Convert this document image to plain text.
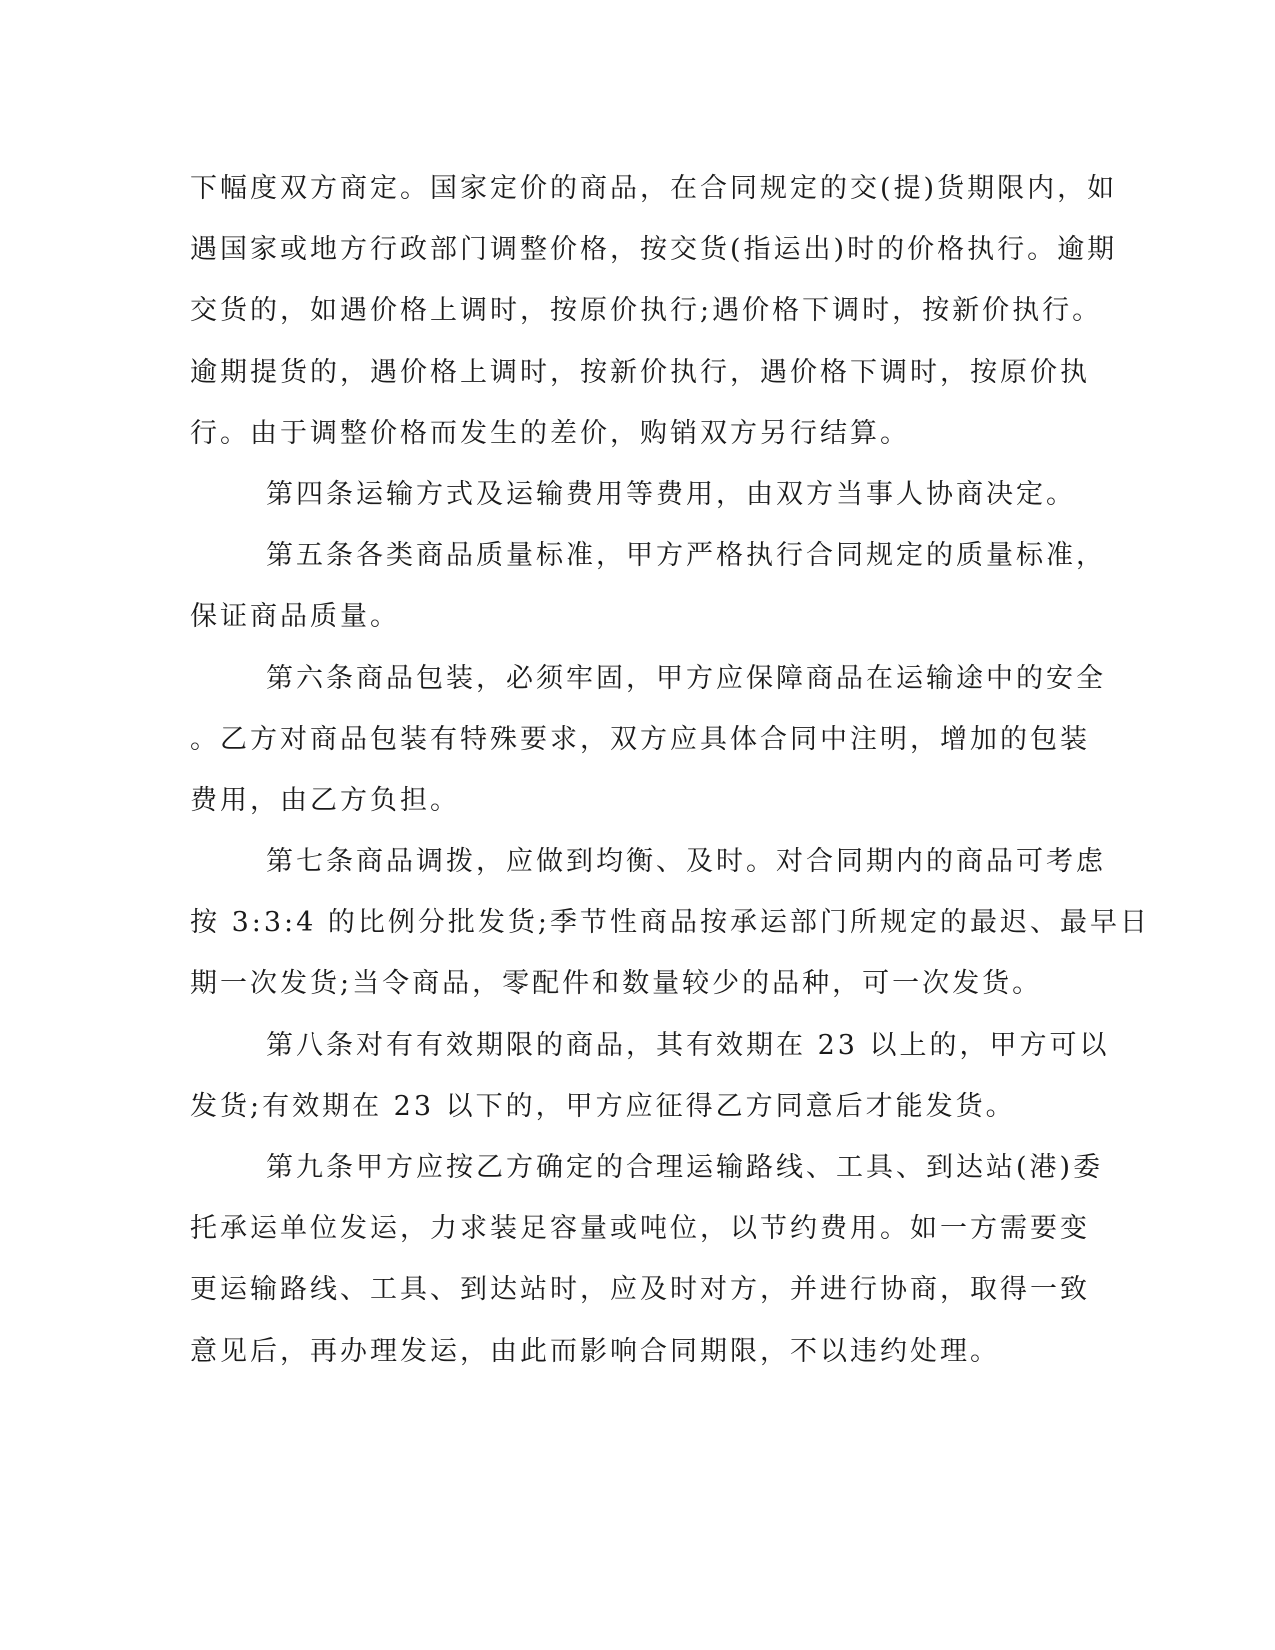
下幅度双方商定。国家定价的商品，在合同规定的交(提)货期限内，如
遇国家或地方行政部门调整价格，按交货(指运出)时的价格执行。逾期
交货的，如遇价格上调时，按原价执行;遇价格下调时，按新价执行。
逾期提货的，遇价格上调时，按新价执行，遇价格下调时，按原价执
行。由于调整价格而发生的差价，购销双方另行结算。
第四条运输方式及运输费用等费用，由双方当事人协商决定。
第五条各类商品质量标准，甲方严格执行合同规定的质量标准，
保证商品质量。
第六条商品包装，必须牢固，甲方应保障商品在运输途中的安全
。乙方对商品包装有特殊要求，双方应具体合同中注明，增加的包装
费用，由乙方负担。
第七条商品调拨，应做到均衡、及时。对合同期内的商品可考虑
按 3:3:4 的比例分批发货;季节性商品按承运部门所规定的最迟、最早日
期一次发货;当令商品，零配件和数量较少的品种，可一次发货。
第八条对有有效期限的商品，其有效期在 23 以上的，甲方可以
发货;有效期在 23 以下的，甲方应征得乙方同意后才能发货。
第九条甲方应按乙方确定的合理运输路线、工具、到达站(港)委
托承运单位发运，力求装足容量或吨位，以节约费用。如一方需要变
更运输路线、工具、到达站时，应及时对方，并进行协商，取得一致
意见后，再办理发运，由此而影响合同期限，不以违约处理。
